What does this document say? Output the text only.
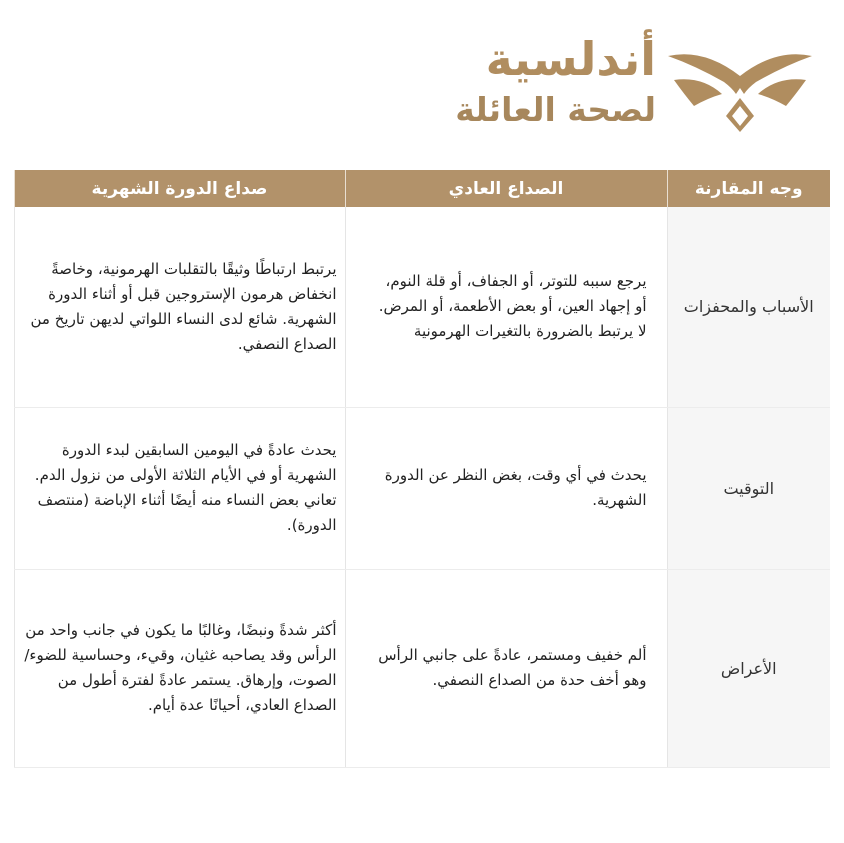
أندلسية
لصحة العائلة
وجه المقارنة	الصداع العادي	صداع الدورة الشهرية
الأسباب والمحفزات	يرجع سببه للتوتر، أو الجفاف، أو قلة النوم، أو إجهاد العين، أو بعض الأطعمة، أو المرض. لا يرتبط بالضرورة بالتغيرات الهرمونية	يرتبط ارتباطًا وثيقًا بالتقلبات الهرمونية، وخاصةً انخفاض هرمون الإستروجين قبل أو أثناء الدورة الشهرية. شائع لدى النساء اللواتي لديهن تاريخ من الصداع النصفي.
التوقيت	يحدث في أي وقت، بغض النظر عن الدورة الشهرية.	يحدث عادةً في اليومين السابقين لبدء الدورة الشهرية أو في الأيام الثلاثة الأولى من نزول الدم. تعاني بعض النساء منه أيضًا أثناء الإباضة (منتصف الدورة).
الأعراض	ألم خفيف ومستمر، عادةً على جانبي الرأس وهو أخف حدة من الصداع النصفي.	أكثر شدةً ونبضًا، وغالبًا ما يكون في جانب واحد من الرأس وقد يصاحبه غثيان، وقيء، وحساسية للضوء/الصوت، وإرهاق. يستمر عادةً لفترة أطول من الصداع العادي، أحيانًا عدة أيام.
